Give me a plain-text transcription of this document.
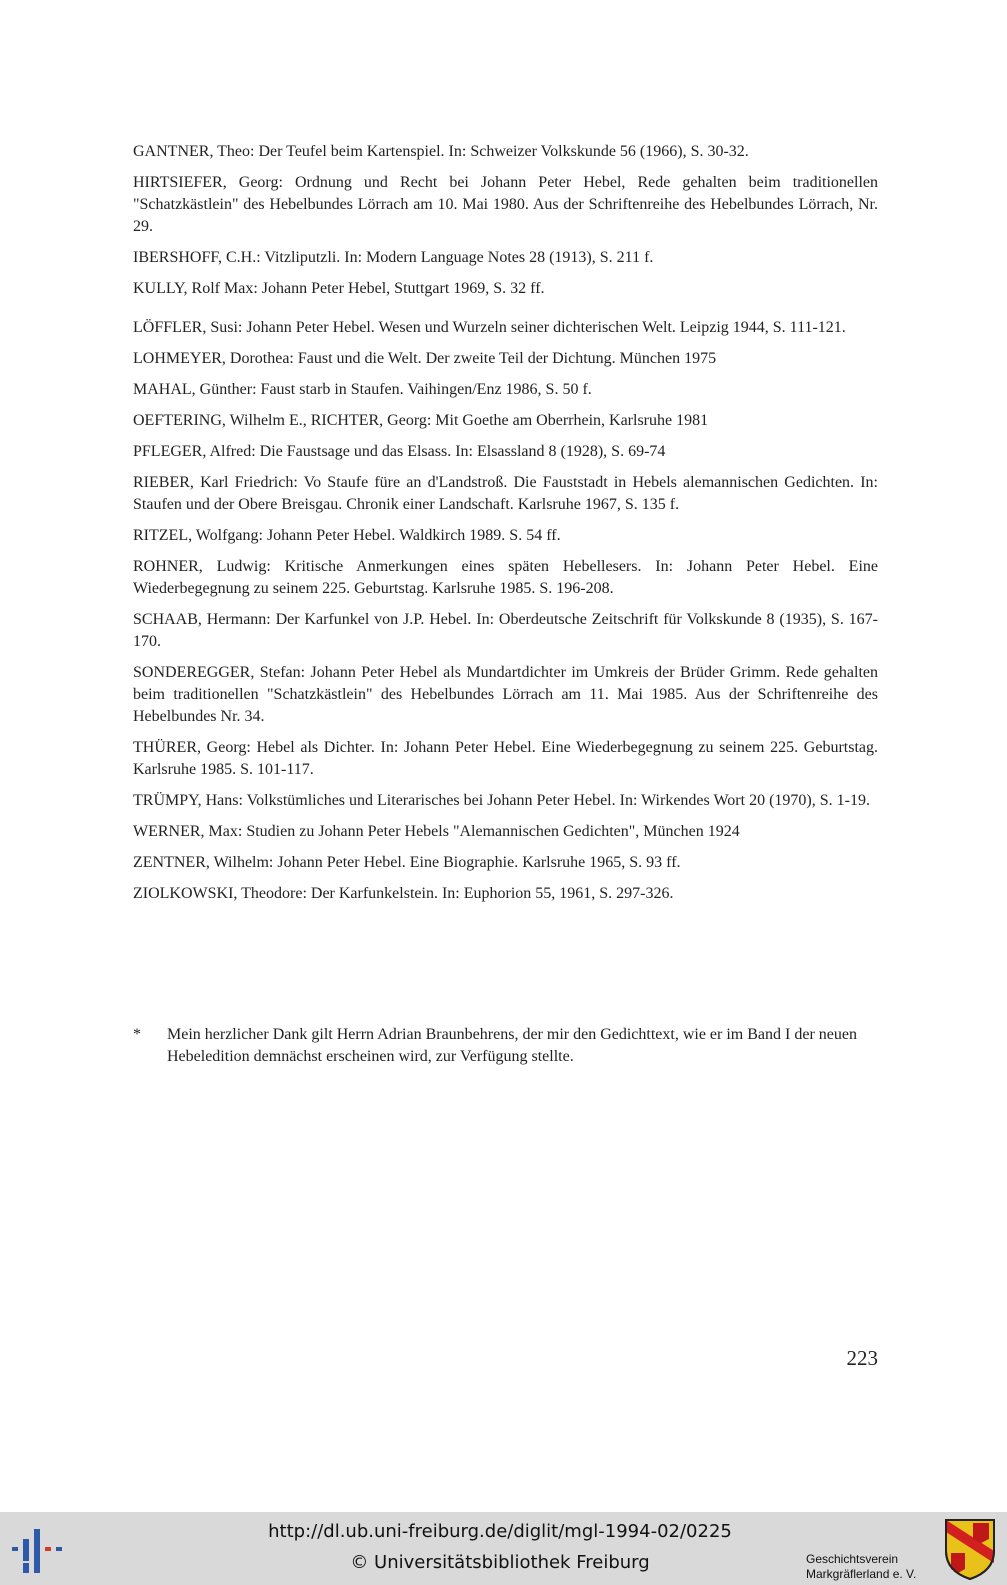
GANTNER, Theo: Der Teufel beim Kartenspiel. In: Schweizer Volkskunde 56 (1966), S. 30-32.

HIRTSIEFER, Georg: Ordnung und Recht bei Johann Peter Hebel, Rede gehalten beim traditionellen "Schatzkästlein" des Hebelbundes Lörrach am 10. Mai 1980. Aus der Schriftenreihe des Hebelbundes Lörrach, Nr. 29.

IBERSHOFF, C.H.: Vitzliputzli. In: Modern Language Notes 28 (1913), S. 211 f.

KULLY, Rolf Max: Johann Peter Hebel, Stuttgart 1969, S. 32 ff.

LÖFFLER, Susi: Johann Peter Hebel. Wesen und Wurzeln seiner dichterischen Welt. Leipzig 1944, S. 111-121.

LOHMEYER, Dorothea: Faust und die Welt. Der zweite Teil der Dichtung. München 1975

MAHAL, Günther: Faust starb in Staufen. Vaihingen/Enz 1986, S. 50 f.

OEFTERING, Wilhelm E., RICHTER, Georg: Mit Goethe am Oberrhein, Karlsruhe 1981

PFLEGER, Alfred: Die Faustsage und das Elsass. In: Elsassland 8 (1928), S. 69-74

RIEBER, Karl Friedrich: Vo Staufe füre an d'Landstroß. Die Fauststadt in Hebels alemannischen Gedichten. In: Staufen und der Obere Breisgau. Chronik einer Landschaft. Karlsruhe 1967, S. 135 f.

RITZEL, Wolfgang: Johann Peter Hebel. Waldkirch 1989. S. 54 ff.

ROHNER, Ludwig: Kritische Anmerkungen eines späten Hebellesers. In: Johann Peter Hebel. Eine Wiederbegegnung zu seinem 225. Geburtstag. Karlsruhe 1985. S. 196-208.

SCHAAB, Hermann: Der Karfunkel von J.P. Hebel. In: Oberdeutsche Zeitschrift für Volkskunde 8 (1935), S. 167-170.

SONDEREGGER, Stefan: Johann Peter Hebel als Mundartdichter im Umkreis der Brüder Grimm. Rede gehalten beim traditionellen "Schatzkästlein" des Hebelbundes Lörrach am 11. Mai 1985. Aus der Schriftenreihe des Hebelbundes Nr. 34.

THÜRER, Georg: Hebel als Dichter. In: Johann Peter Hebel. Eine Wiederbegegnung zu seinem 225. Geburtstag. Karlsruhe 1985. S. 101-117.

TRÜMPY, Hans: Volkstümliches und Literarisches bei Johann Peter Hebel. In: Wirkendes Wort 20 (1970), S. 1-19.

WERNER, Max: Studien zu Johann Peter Hebels "Alemannischen Gedichten", München 1924

ZENTNER, Wilhelm: Johann Peter Hebel. Eine Biographie. Karlsruhe 1965, S. 93 ff.

ZIOLKOWSKI, Theodore: Der Karfunkelstein. In: Euphorion 55, 1961, S. 297-326.

* Mein herzlicher Dank gilt Herrn Adrian Braunbehrens, der mir den Gedichttext, wie er im Band I der neuen Hebeledition demnächst erscheinen wird, zur Verfügung stellte.
223
http://dl.ub.uni-freiburg.de/diglit/mgl-1994-02/0225
© Universitätsbibliothek Freiburg	Geschichtsverein
Markgräflerland e. V.
